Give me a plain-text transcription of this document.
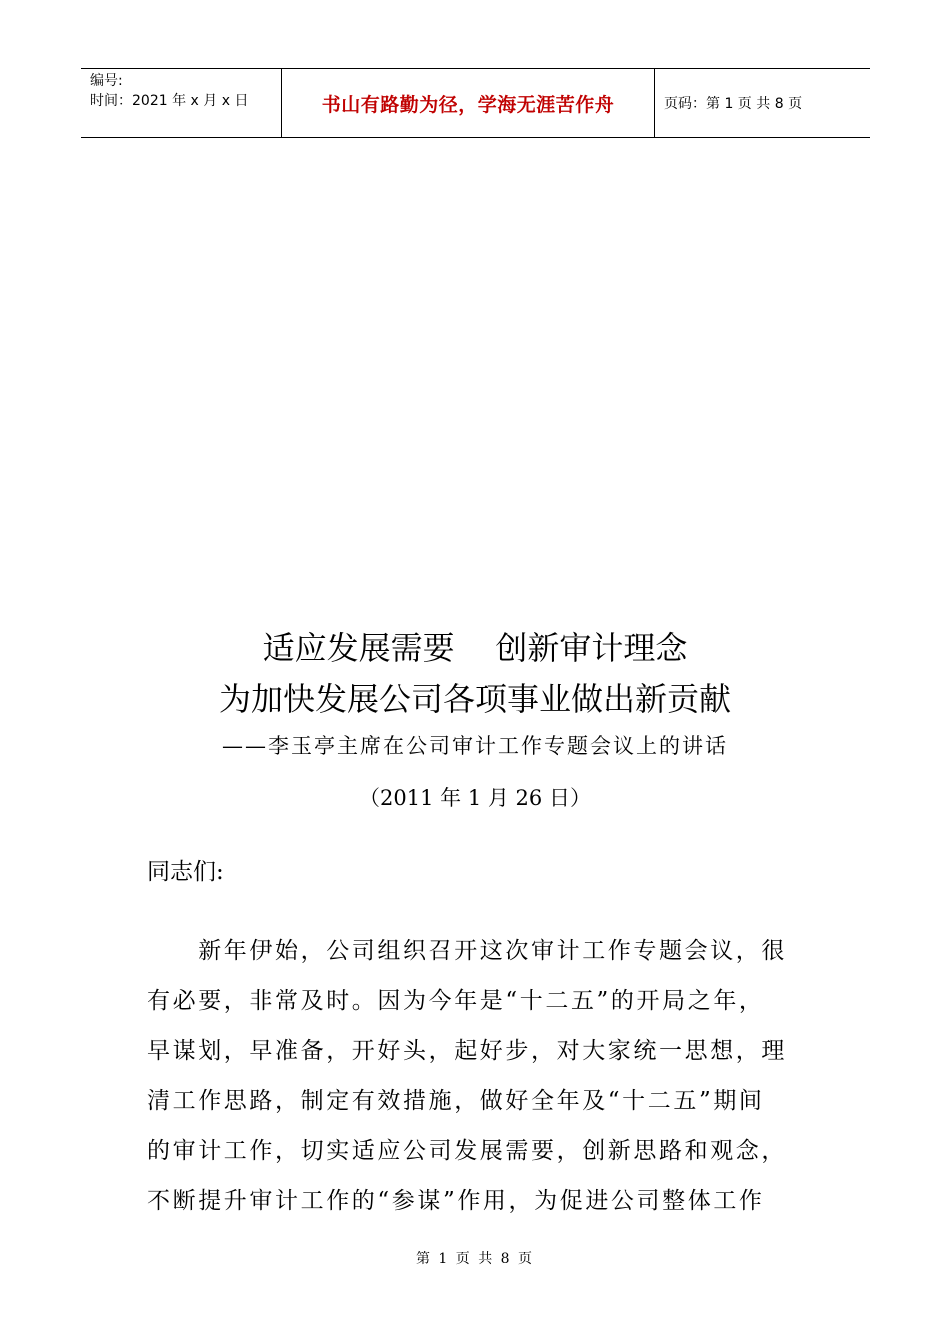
编号:
时间：2021 年 x 月 x 日	书山有路勤为径，学海无涯苦作舟	页码：第 1 页 共 8 页
适应发展需要    创新审计理念
为加快发展公司各项事业做出新贡献
——李玉亭主席在公司审计工作专题会议上的讲话
（2011 年 1 月 26 日）
同志们:
　　新年伊始，公司组织召开这次审计工作专题会议，很
有必要，非常及时。因为今年是“十二五”的开局之年，
早谋划，早准备，开好头，起好步，对大家统一思想，理
清工作思路，制定有效措施，做好全年及“十二五”期间
的审计工作，切实适应公司发展需要，创新思路和观念，
不断提升审计工作的“参谋”作用，为促进公司整体工作
第 1 页 共 8 页
